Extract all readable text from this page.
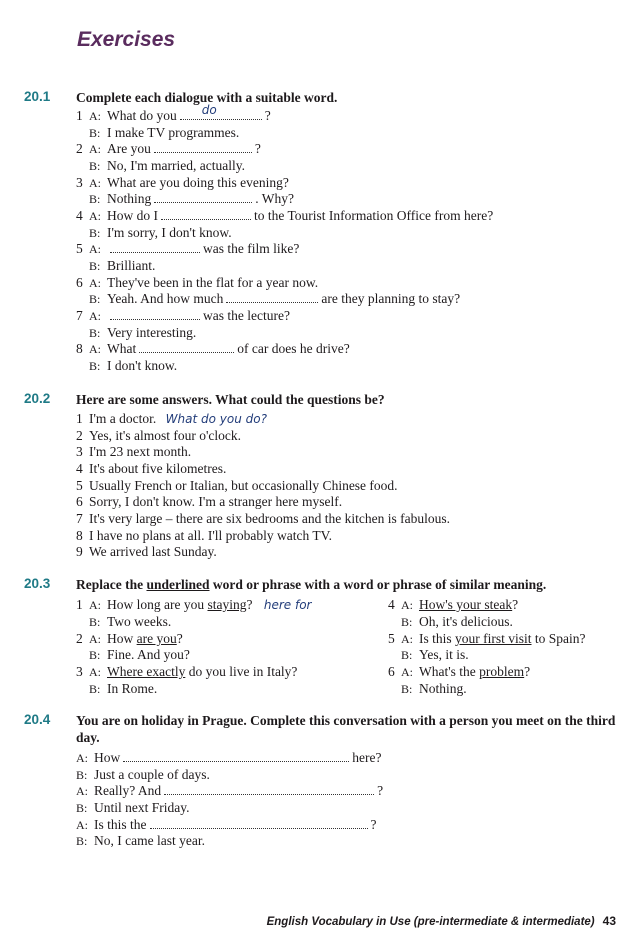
Exercises
20.1 Complete each dialogue with a suitable word.
1 A: What do you do	?
B: I make TV programmes.
2 A: Are you	?
B: No, I'm married, actually.
3 A: What are you doing this evening?
B: Nothing	. Why?
4 A: How do I	to the Tourist Information Office from here?
B: I'm sorry, I don't know.
5 A:	was the film like?
B: Brilliant.
6 A: They've been in the flat for a year now.
B: Yeah. And how much	are they planning to stay?
7 A:	was the lecture?
B: Very interesting.
8 A: What	of car does he drive?
B: I don't know.
20.2 Here are some answers. What could the questions be?
1 I'm a doctor. What do you do?
2 Yes, it's almost four o'clock.
3 I'm 23 next month.
4 It's about five kilometres.
5 Usually French or Italian, but occasionally Chinese food.
6 Sorry, I don't know. I'm a stranger here myself.
7 It's very large – there are six bedrooms and the kitchen is fabulous.
8 I have no plans at all. I'll probably watch TV.
9 We arrived last Sunday.
20.3 Replace the underlined word or phrase with a word or phrase of similar meaning.
1 A: How long are you staying? here for
B: Two weeks.
2 A: How are you?
B: Fine. And you?
3 A: Where exactly do you live in Italy?
B: In Rome.
4 A: How's your steak?
B: Oh, it's delicious.
5 A: Is this your first visit to Spain?
B: Yes, it is.
6 A: What's the problem?
B: Nothing.
20.4 You are on holiday in Prague. Complete this conversation with a person you meet on the third day.
A: How	here?
B: Just a couple of days.
A: Really? And	?
B: Until next Friday.
A: Is this the	?
B: No, I came last year.
English Vocabulary in Use (pre-intermediate & intermediate) 43
